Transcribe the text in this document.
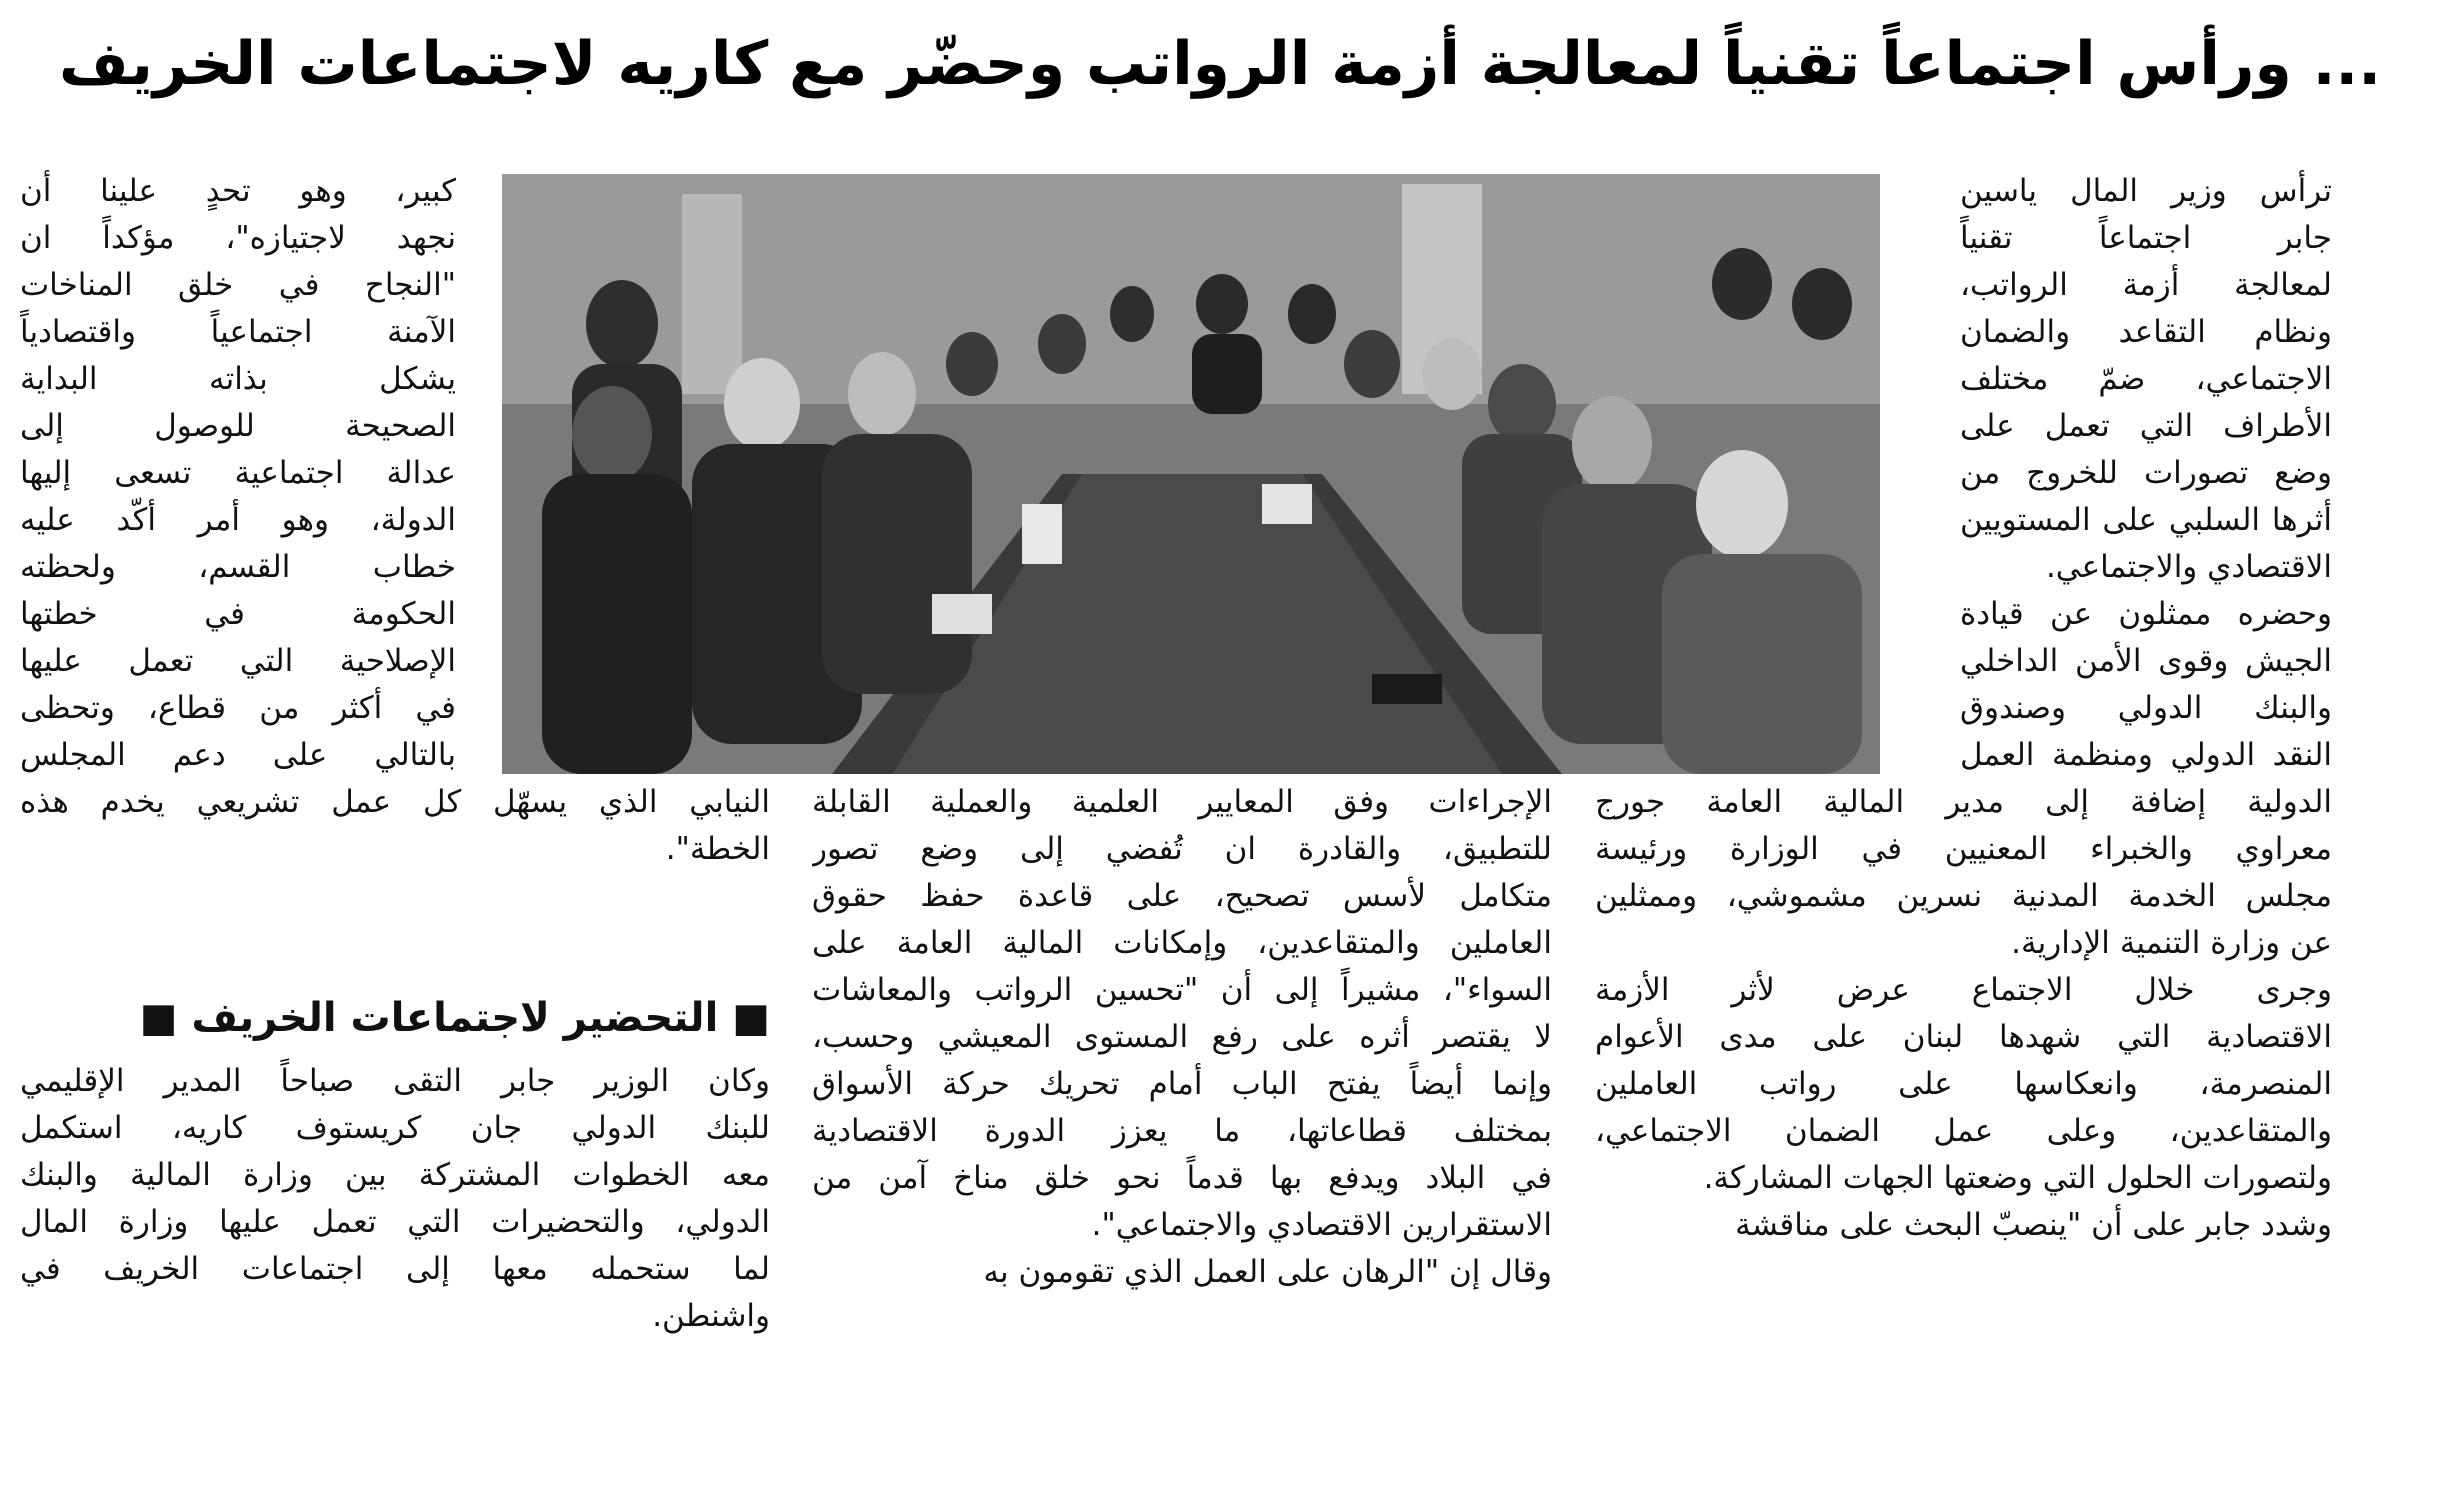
... ورأس اجتماعاً تقنياً لمعالجة أزمة الرواتب وحضّر مع كاريه لاجتماعات الخريف
ترأس وزير المال ياسين
جابر اجتماعاً تقنياً
لمعالجة أزمة الرواتب،
ونظام التقاعد والضمان
الاجتماعي، ضمّ مختلف
الأطراف التي تعمل على
وضع تصورات للخروج من
أثرها السلبي على المستويين
الاقتصادي والاجتماعي.
وحضره ممثلون عن قيادة
الجيش وقوى الأمن الداخلي
والبنك الدولي وصندوق
النقد الدولي ومنظمة العمل
الدولية إضافة إلى مدير المالية العامة جورج
معراوي والخبراء المعنيين في الوزارة ورئيسة
مجلس الخدمة المدنية نسرين مشموشي، وممثلين
عن وزارة التنمية الإدارية.
وجرى خلال الاجتماع عرض لأثر الأزمة
الاقتصادية التي شهدها لبنان على مدى الأعوام
المنصرمة، وانعكاسها على رواتب العاملين
والمتقاعدين، وعلى عمل الضمان الاجتماعي،
ولتصورات الحلول التي وضعتها الجهات المشاركة.
وشدد جابر على أن "ينصبّ البحث على مناقشة
الإجراءات وفق المعايير العلمية والعملية القابلة
للتطبيق، والقادرة ان تُفضي إلى وضع تصور
متكامل لأسس تصحيح، على قاعدة حفظ حقوق
العاملين والمتقاعدين، وإمكانات المالية العامة على
السواء"، مشيراً إلى أن "تحسين الرواتب والمعاشات
لا يقتصر أثره على رفع المستوى المعيشي وحسب،
وإنما أيضاً يفتح الباب أمام تحريك حركة الأسواق
بمختلف قطاعاتها، ما يعزز الدورة الاقتصادية
في البلاد ويدفع بها قدماً نحو خلق مناخ آمن من
الاستقرارين الاقتصادي والاجتماعي".
وقال إن "الرهان على العمل الذي تقومون به
كبير، وهو تحدٍ علينا أن
نجهد لاجتيازه"، مؤكداً ان
"النجاح في خلق المناخات
الآمنة اجتماعياً واقتصادياً
يشكل بذاته البداية
الصحيحة للوصول إلى
عدالة اجتماعية تسعى إليها
الدولة، وهو أمر أكّد عليه
خطاب القسم، ولحظته
الحكومة في خطتها
الإصلاحية التي تعمل عليها
في أكثر من قطاع، وتحظى
بالتالي على دعم المجلس
النيابي الذي يسهّل كل عمل تشريعي يخدم هذه
الخطة".
■ التحضير لاجتماعات الخريف ■
وكان الوزير جابر التقى صباحاً المدير الإقليمي
للبنك الدولي جان كريستوف كاريه، استكمل
معه الخطوات المشتركة بين وزارة المالية والبنك
الدولي، والتحضيرات التي تعمل عليها وزارة المال
لما ستحمله معها إلى اجتماعات الخريف في
واشنطن.
